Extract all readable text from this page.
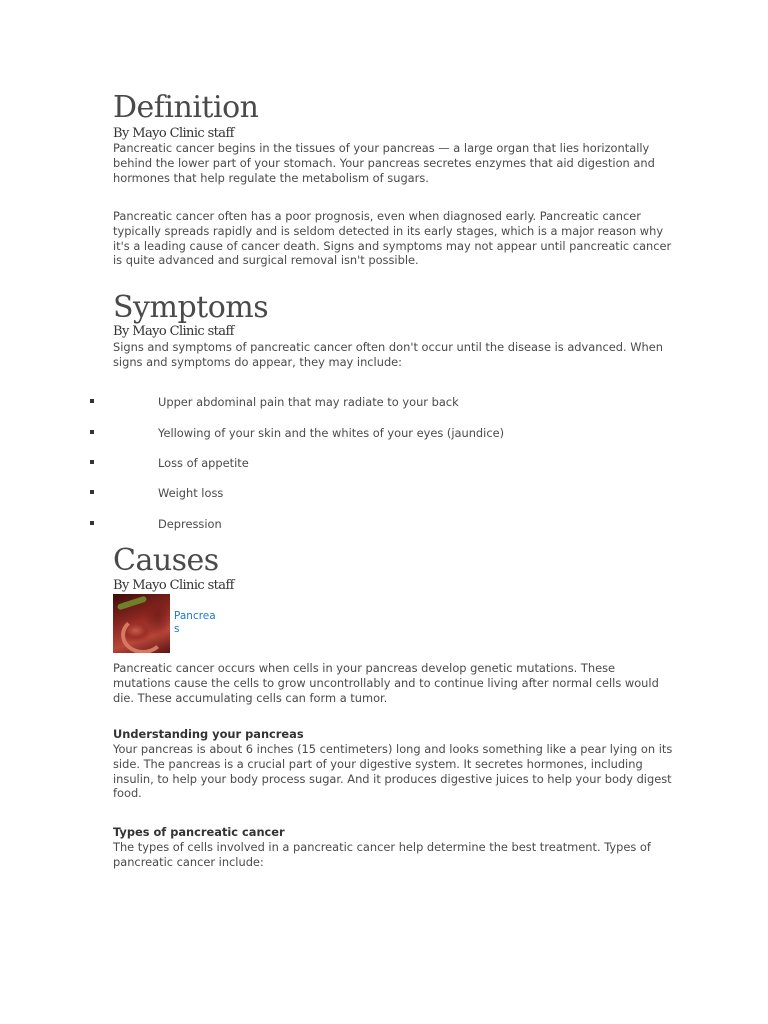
Definition
By Mayo Clinic staff

Pancreatic cancer begins in the tissues of your pancreas — a large organ that lies horizontally behind the lower part of your stomach. Your pancreas secretes enzymes that aid digestion and hormones that help regulate the metabolism of sugars.

Pancreatic cancer often has a poor prognosis, even when diagnosed early. Pancreatic cancer typically spreads rapidly and is seldom detected in its early stages, which is a major reason why it's a leading cause of cancer death. Signs and symptoms may not appear until pancreatic cancer is quite advanced and surgical removal isn't possible.

Symptoms
By Mayo Clinic staff

Signs and symptoms of pancreatic cancer often don't occur until the disease is advanced. When signs and symptoms do appear, they may include:

Upper abdominal pain that may radiate to your back
Yellowing of your skin and the whites of your eyes (jaundice)
Loss of appetite
Weight loss
Depression
Causes
By Mayo Clinic staff
Pancreas

Pancreatic cancer occurs when cells in your pancreas develop genetic mutations. These mutations cause the cells to grow uncontrollably and to continue living after normal cells would die. These accumulating cells can form a tumor.

Understanding your pancreas

Your pancreas is about 6 inches (15 centimeters) long and looks something like a pear lying on its side. The pancreas is a crucial part of your digestive system. It secretes hormones, including insulin, to help your body process sugar. And it produces digestive juices to help your body digest food.

Types of pancreatic cancer

The types of cells involved in a pancreatic cancer help determine the best treatment. Types of pancreatic cancer include:
